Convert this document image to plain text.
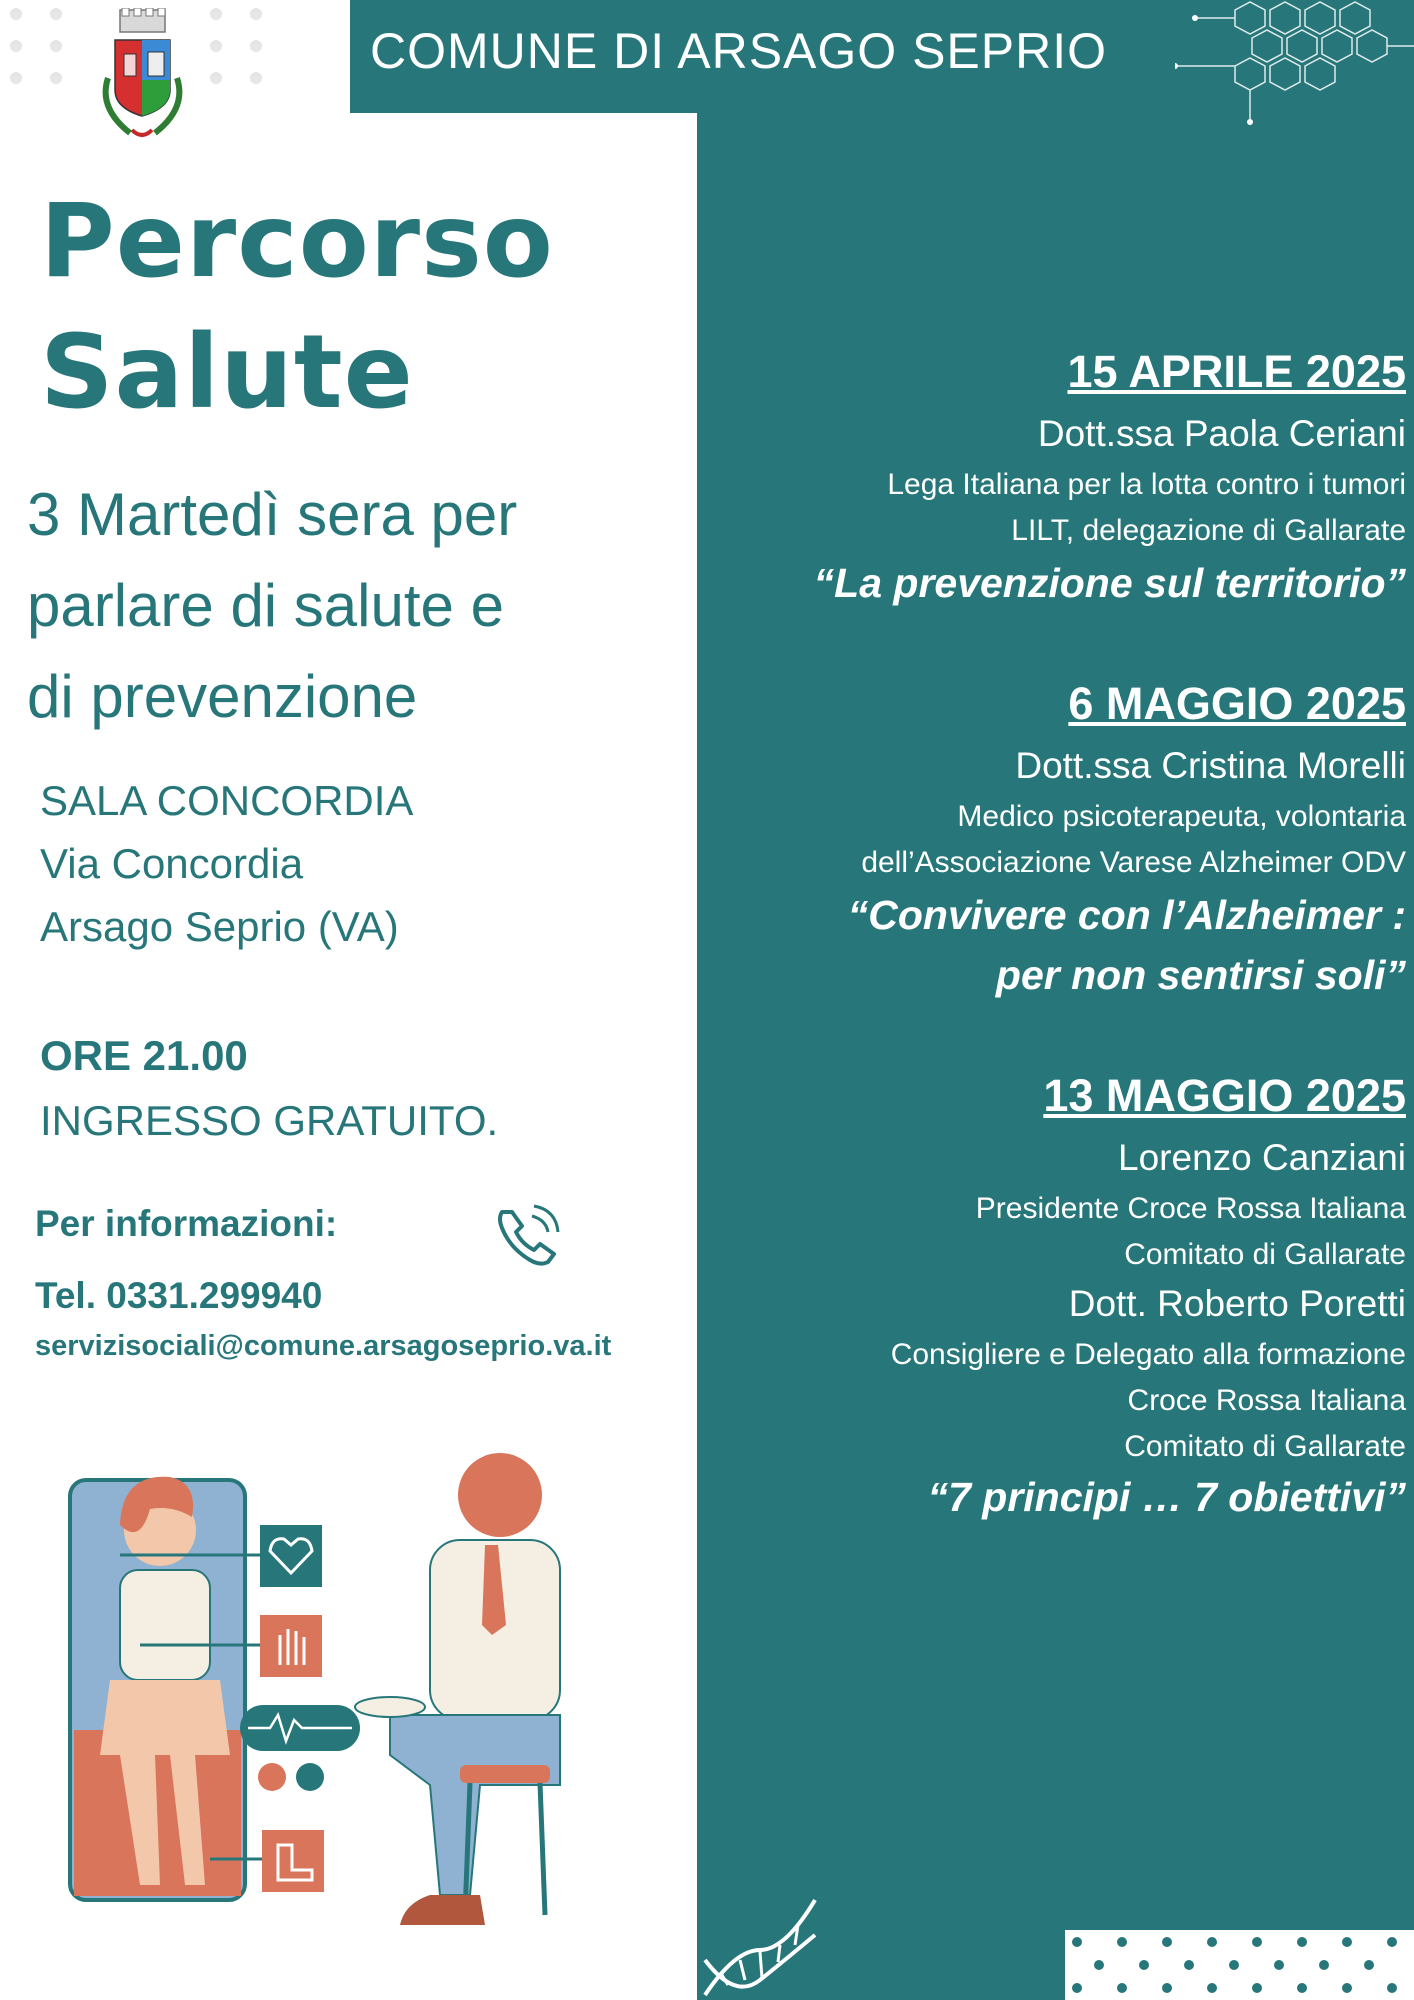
COMUNE DI ARSAGO SEPRIO
Percorso
Salute
3 Martedì sera per
parlare di salute e
di prevenzione
SALA CONCORDIA
Via Concordia
Arsago Seprio (VA)
ORE 21.00
INGRESSO GRATUITO.
Per informazioni:
Tel. 0331.299940
servizisociali@comune.arsagoseprio.va.it
15 APRILE 2025
Dott.ssa Paola Ceriani
Lega Italiana per la lotta contro i tumori
LILT, delegazione di Gallarate
“La prevenzione sul territorio”
6 MAGGIO 2025
Dott.ssa Cristina Morelli
Medico psicoterapeuta, volontaria
dell’Associazione Varese Alzheimer ODV
“Convivere con l’Alzheimer :
per non sentirsi soli”
13 MAGGIO 2025
Lorenzo Canziani
Presidente Croce Rossa Italiana
Comitato di Gallarate
Dott. Roberto Poretti
Consigliere e Delegato alla formazione
Croce Rossa Italiana
Comitato di Gallarate
“7 principi … 7 obiettivi”
